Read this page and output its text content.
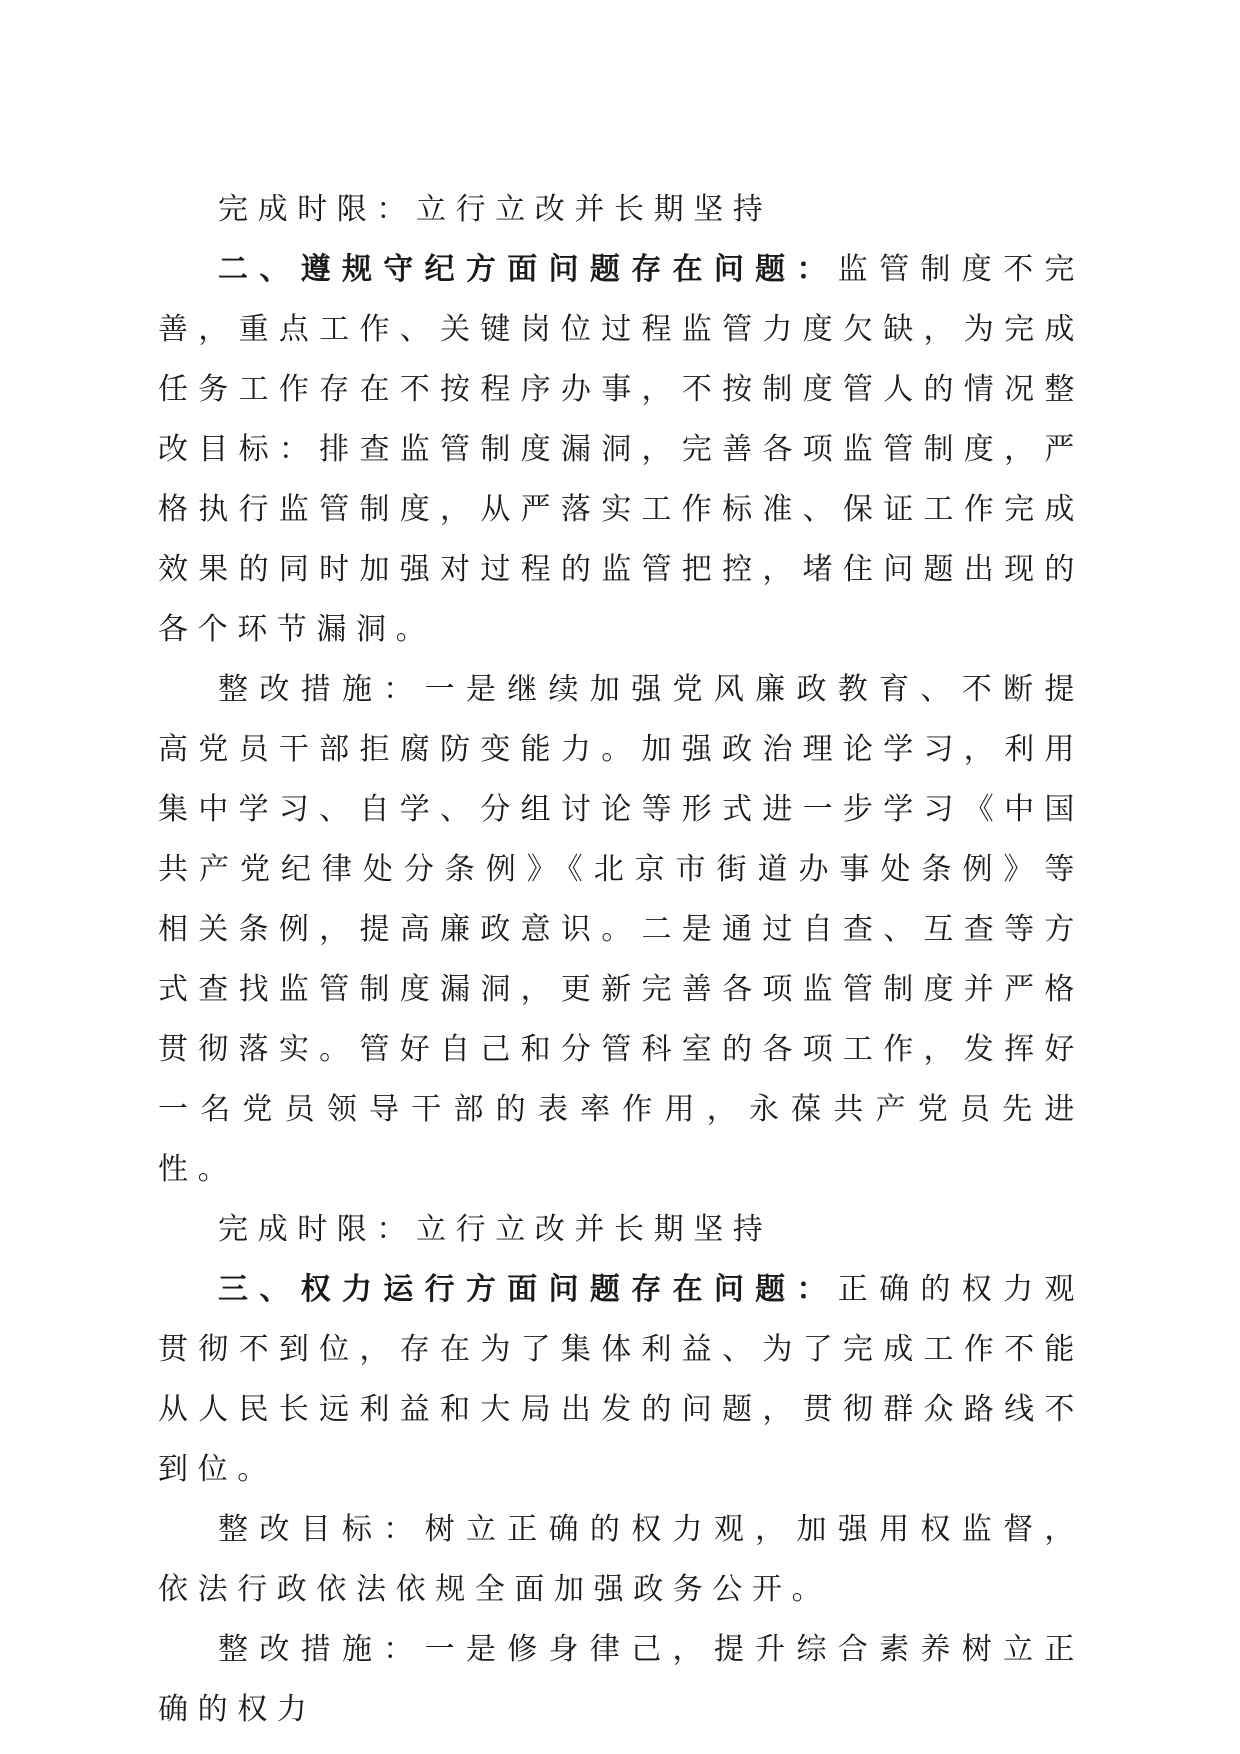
完成时限：立行立改并长期坚持

二、遵规守纪方面问题存在问题：监管制度不完善，重点工作、关键岗位过程监管力度欠缺，为完成任务工作存在不按程序办事，不按制度管人的情况整改目标：排查监管制度漏洞，完善各项监管制度，严格执行监管制度，从严落实工作标准、保证工作完成效果的同时加强对过程的监管把控，堵住问题出现的各个环节漏洞。

整改措施：一是继续加强党风廉政教育、不断提高党员干部拒腐防变能力。加强政治理论学习，利用集中学习、自学、分组讨论等形式进一步学习《中国共产党纪律处分条例》《北京市街道办事处条例》等相关条例，提高廉政意识。二是通过自查、互查等方式查找监管制度漏洞，更新完善各项监管制度并严格贯彻落实。管好自己和分管科室的各项工作，发挥好一名党员领导干部的表率作用，永葆共产党员先进性。

完成时限：立行立改并长期坚持

三、权力运行方面问题存在问题：正确的权力观贯彻不到位，存在为了集体利益、为了完成工作不能从人民长远利益和大局出发的问题，贯彻群众路线不到位。

整改目标：树立正确的权力观，加强用权监督，依法行政依法依规全面加强政务公开。

整改措施：一是修身律己，提升综合素养树立正确的权力
